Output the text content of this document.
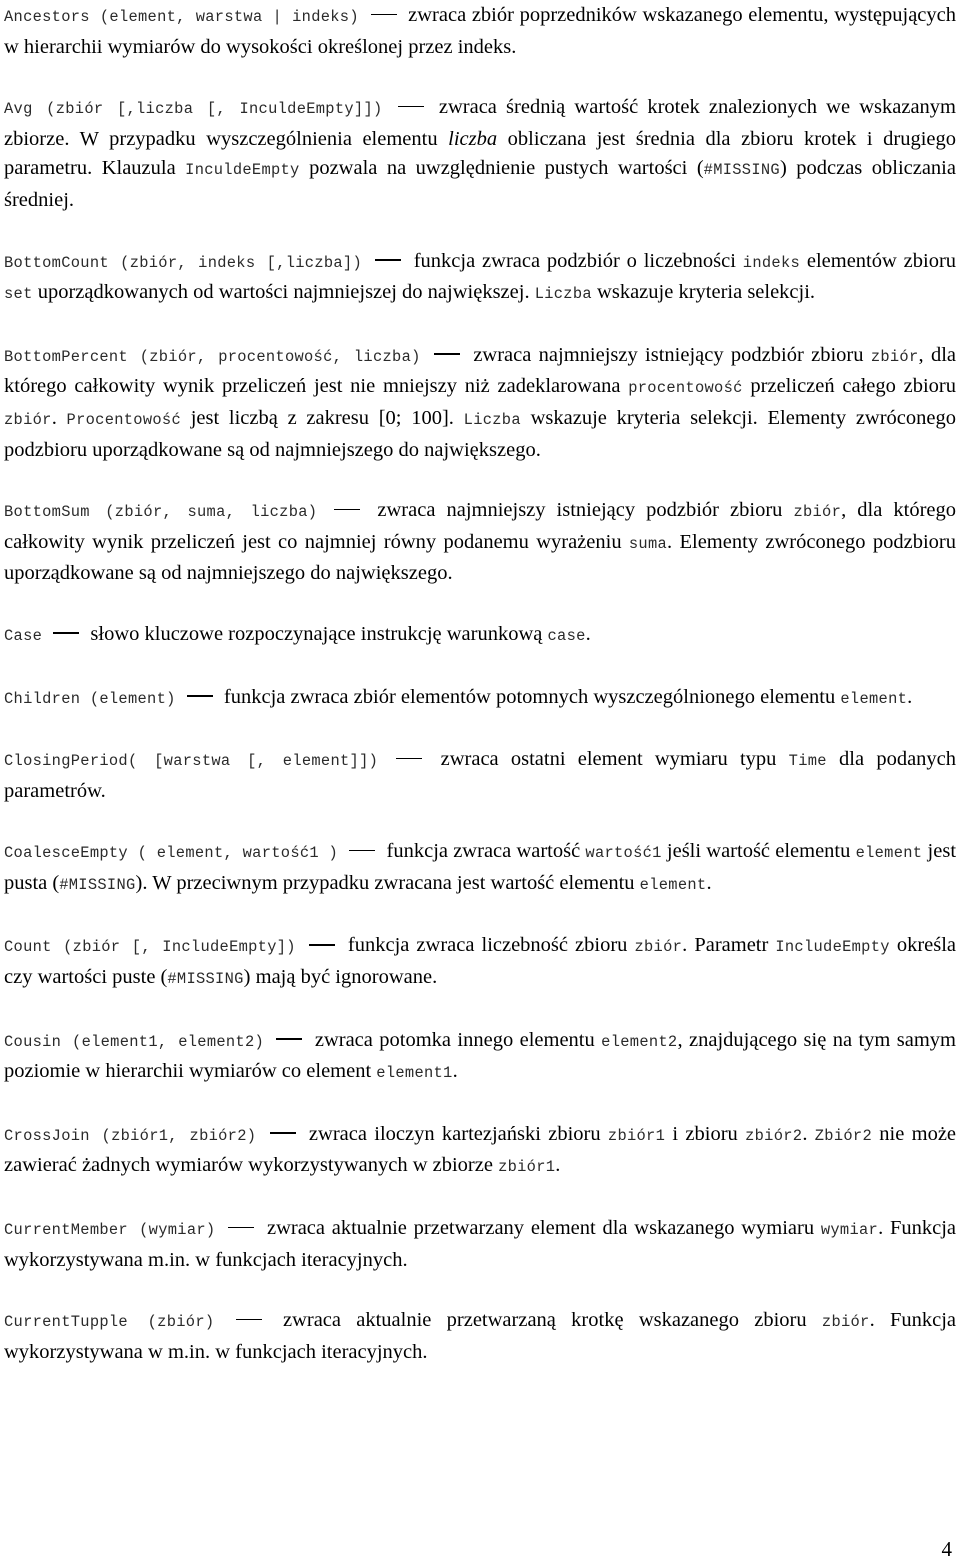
Ancestors (element, warstwa | indeks) zwraca zbiór poprzedników wskazanego elementu, występujących w hierarchii wymiarów do wysokości określonej przez indeks.

Avg (zbiór [,liczba [, InculdeEmpty]])	zwraca średnią wartość krotek znalezionych we wskazanym zbiorze. W przypadku wyszczególnienia elementu liczba obliczana jest średnia dla zbioru krotek i drugiego parametru. Klauzula InculdeEmpty pozwala na uwzględnienie pustych wartości (#MISSING) podczas obliczania średniej.

BottomCount (zbiór, indeks [,liczba])	funkcja zwraca podzbiór o liczebności indeks elementów zbioru set uporządkowanych od wartości najmniejszej do największej. Liczba wskazuje kryteria selekcji.

BottomPercent (zbiór, procentowość, liczba)	zwraca najmniejszy istniejący podzbiór zbioru zbiór, dla którego całkowity wynik przeliczeń jest nie mniejszy niż zadeklarowana procentowość przeliczeń całego zbioru zbiór. Procentowość jest liczbą z zakresu [0; 100]. Liczba wskazuje kryteria selekcji. Elementy zwróconego podzbioru uporządkowane są od najmniejszego do największego.

BottomSum (zbiór, suma, liczba)	zwraca najmniejszy istniejący podzbiór zbioru zbiór, dla którego całkowity wynik przeliczeń jest co najmniej równy podanemu wyrażeniu suma. Elementy zwróconego podzbioru uporządkowane są od najmniejszego do największego.

Case słowo kluczowe rozpoczynające instrukcję warunkową case.

Children (element) funkcja zwraca zbiór elementów potomnych wyszczególnionego elementu element.

ClosingPeriod( [warstwa [, element]])	zwraca ostatni element wymiaru typu Time dla podanych parametrów.

CoalesceEmpty ( element, wartość1 ) funkcja zwraca wartość wartość1 jeśli wartość elementu element jest pusta (#MISSING). W przeciwnym przypadku zwracana jest wartość elementu element.

Count (zbiór [, IncludeEmpty])	funkcja zwraca liczebność zbioru zbiór. Parametr IncludeEmpty określa czy wartości puste (#MISSING) mają być ignorowane.

Cousin (element1, element2) zwraca potomka innego elementu element2, znajdującego się na tym samym poziomie w hierarchii wymiarów co element element1.

CrossJoin (zbiór1, zbiór2)	zwraca iloczyn kartezjański zbioru zbiór1 i zbioru zbiór2. Zbiór2 nie może zawierać żadnych wymiarów wykorzystywanych w zbiorze zbiór1.

CurrentMember (wymiar)	zwraca aktualnie przetwarzany element dla wskazanego wymiaru wymiar. Funkcja wykorzystywana m.in. w funkcjach iteracyjnych.

CurrentTupple (zbiór)	zwraca aktualnie przetwarzaną krotkę wskazanego zbioru zbiór. Funkcja wykorzystywana w m.in. w funkcjach iteracyjnych.

4
